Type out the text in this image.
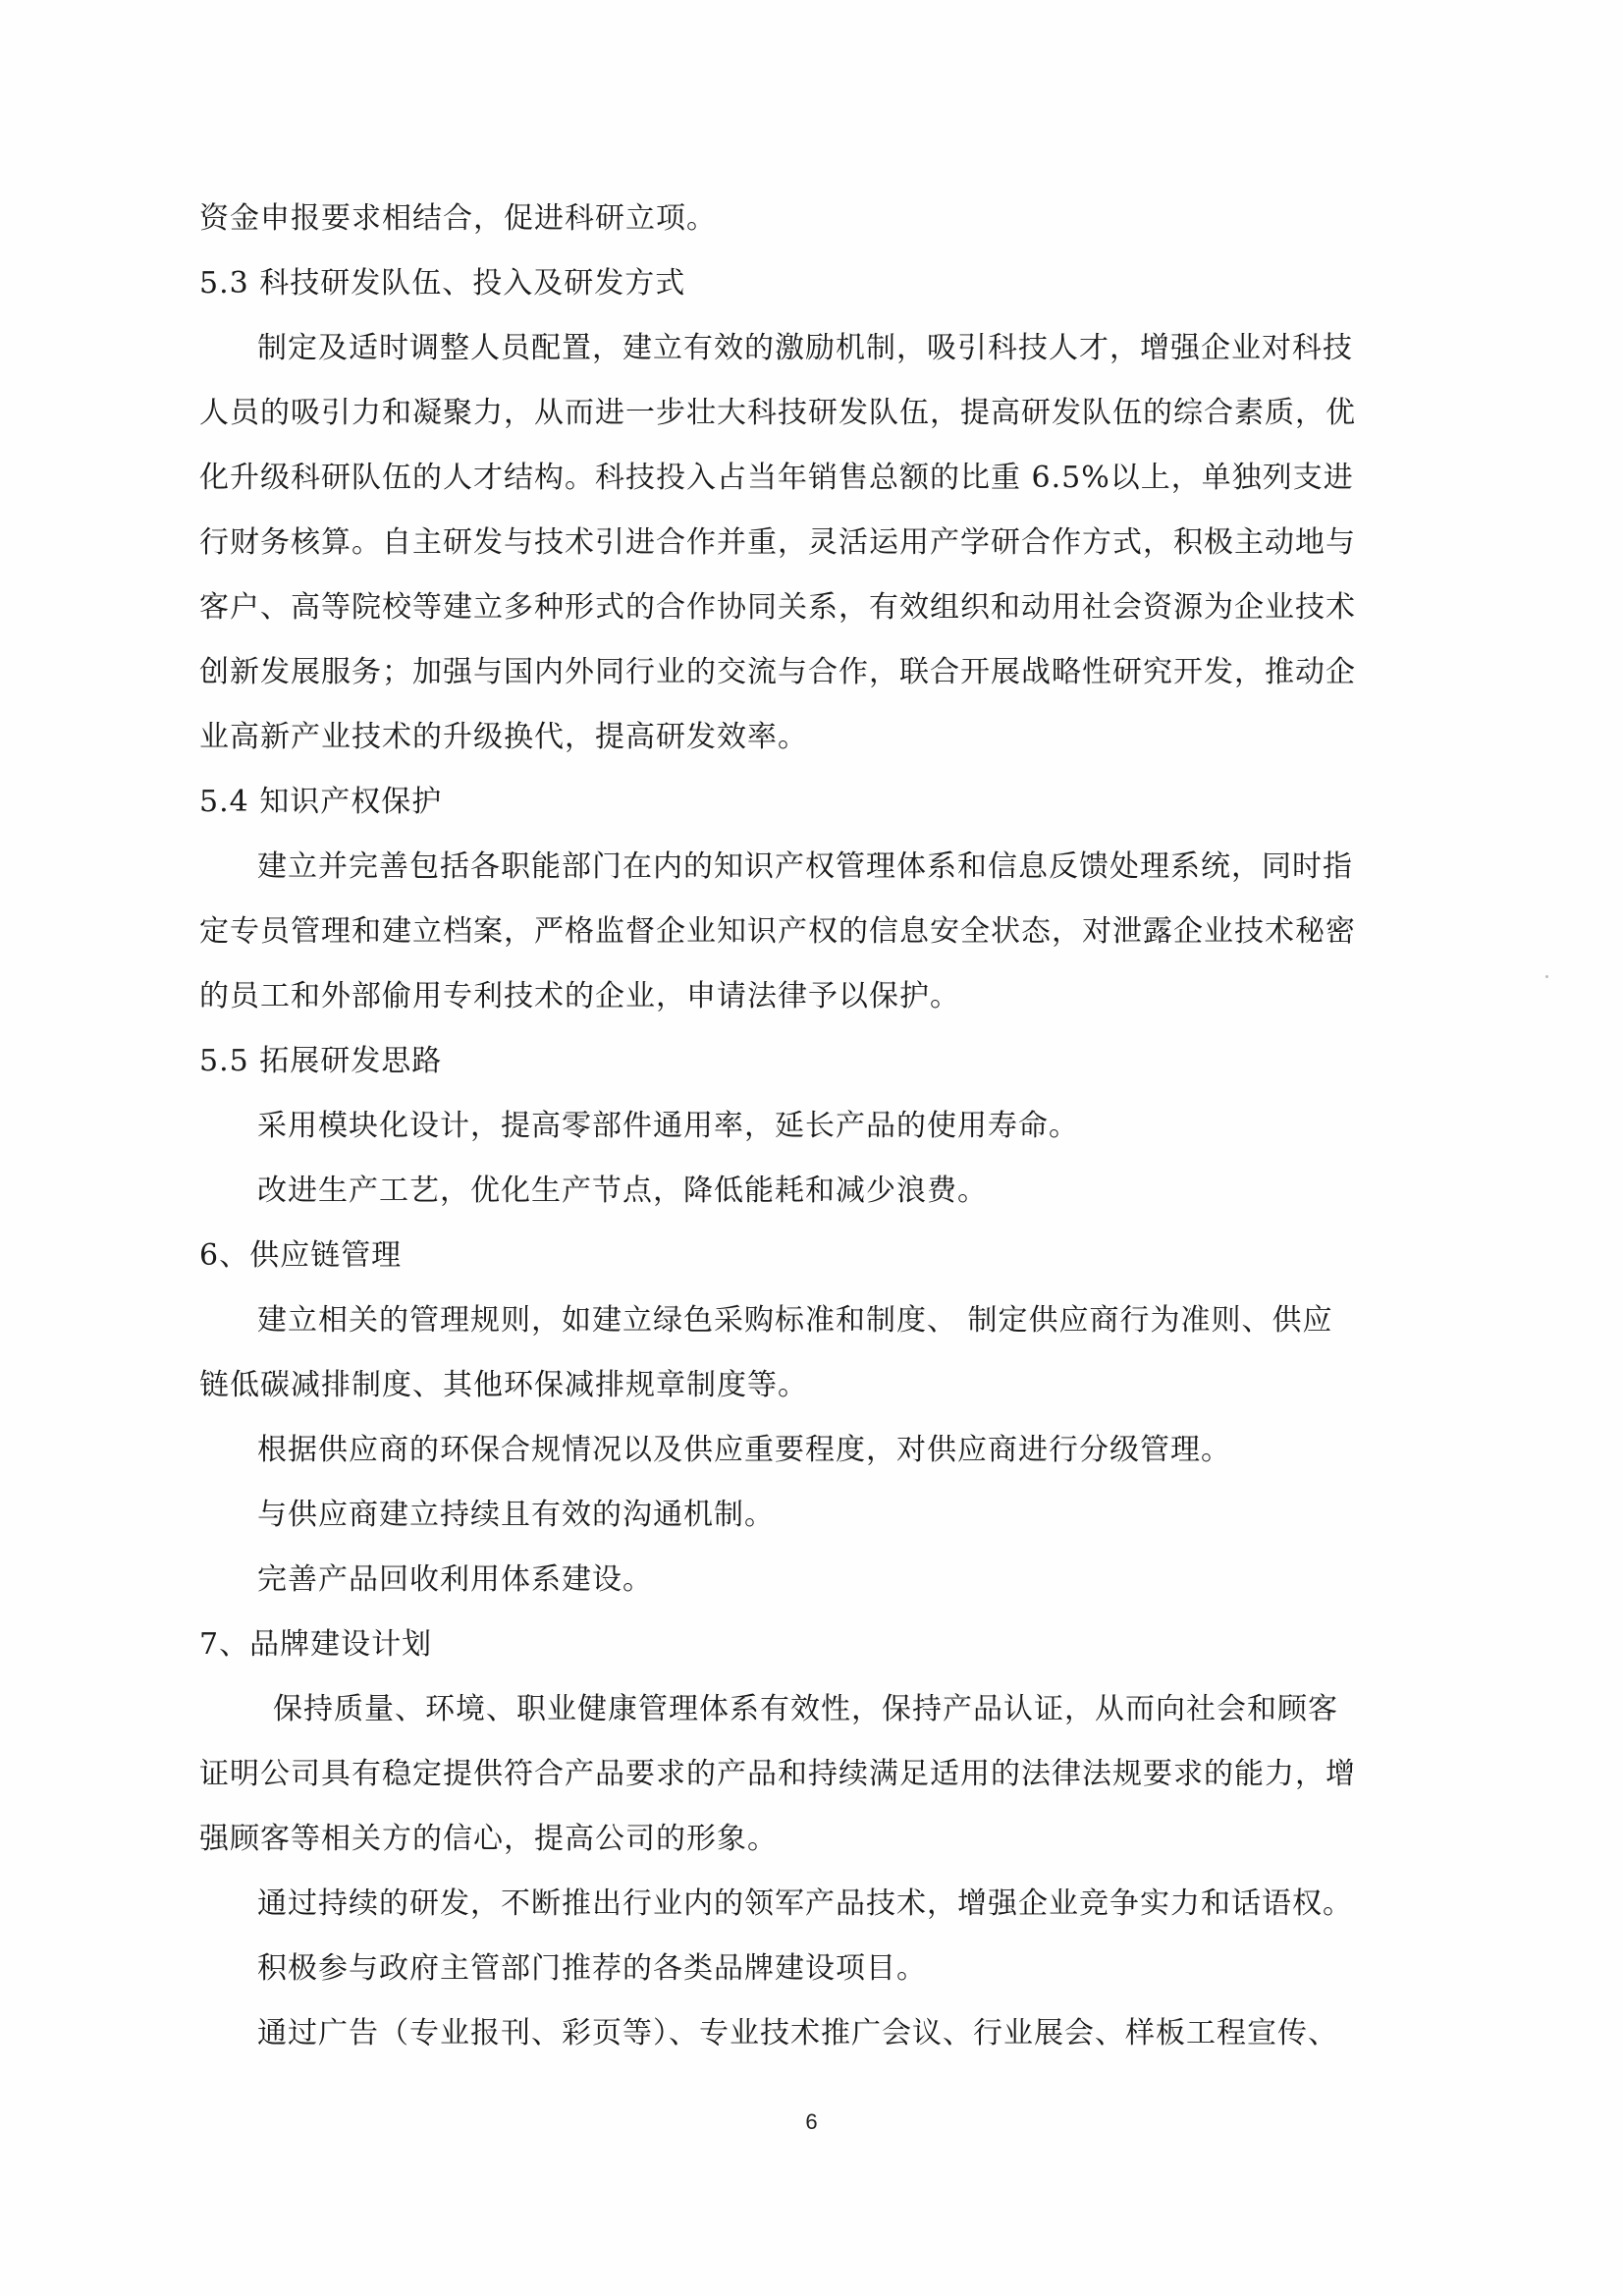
资金申报要求相结合，促进科研立项。
5.3 科技研发队伍、投入及研发方式
制定及适时调整人员配置，建立有效的激励机制，吸引科技人才，增强企业对科技
人员的吸引力和凝聚力，从而进一步壮大科技研发队伍，提高研发队伍的综合素质，优
化升级科研队伍的人才结构。科技投入占当年销售总额的比重 6.5%以上，单独列支进
行财务核算。自主研发与技术引进合作并重，灵活运用产学研合作方式，积极主动地与
客户、高等院校等建立多种形式的合作协同关系，有效组织和动用社会资源为企业技术
创新发展服务；加强与国内外同行业的交流与合作，联合开展战略性研究开发，推动企
业高新产业技术的升级换代，提高研发效率。
5.4 知识产权保护
建立并完善包括各职能部门在内的知识产权管理体系和信息反馈处理系统，同时指
定专员管理和建立档案，严格监督企业知识产权的信息安全状态，对泄露企业技术秘密
的员工和外部偷用专利技术的企业，申请法律予以保护。
5.5 拓展研发思路
采用模块化设计，提高零部件通用率，延长产品的使用寿命。
改进生产工艺，优化生产节点，降低能耗和减少浪费。
6、供应链管理
建立相关的管理规则，如建立绿色采购标准和制度、 制定供应商行为准则、供应
链低碳减排制度、其他环保减排规章制度等。
根据供应商的环保合规情况以及供应重要程度，对供应商进行分级管理。
与供应商建立持续且有效的沟通机制。
完善产品回收利用体系建设。
7、品牌建设计划
保持质量、环境、职业健康管理体系有效性，保持产品认证，从而向社会和顾客
证明公司具有稳定提供符合产品要求的产品和持续满足适用的法律法规要求的能力，增
强顾客等相关方的信心，提高公司的形象。
通过持续的研发，不断推出行业内的领军产品技术，增强企业竞争实力和话语权。
积极参与政府主管部门推荐的各类品牌建设项目。
通过广告（专业报刊、彩页等）、专业技术推广会议、行业展会、样板工程宣传、
6
